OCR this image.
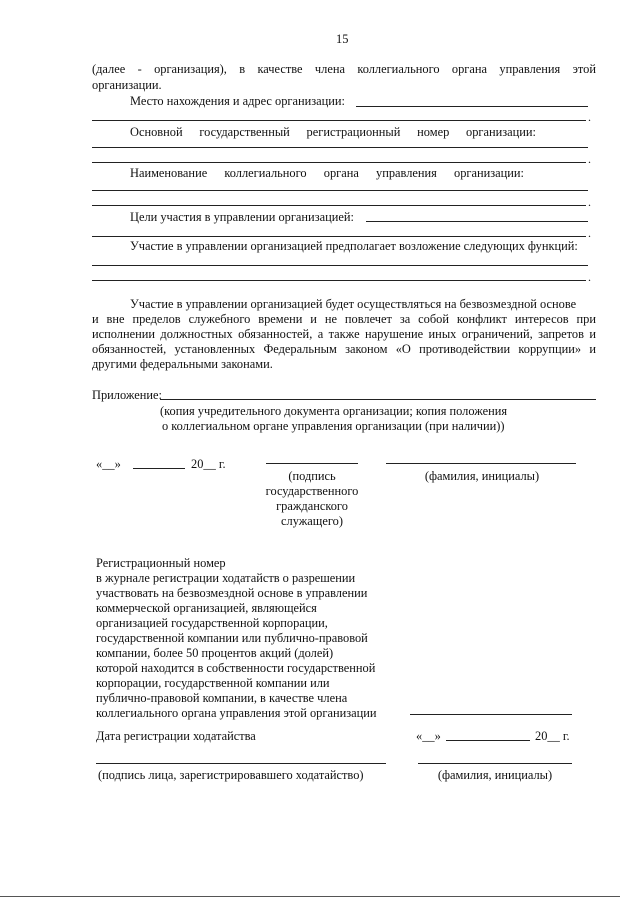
15
(далее - организация), в качестве члена коллегиального органа управления этой
организации.
Место нахождения и адрес организации:
.
Основной государственный регистрационный номер организации:
.
Наименование коллегиального органа управления организации:
.
Цели участия в управлении организацией:
.
Участие в управлении организацией предполагает возложение следующих функций:
.
Участие в управлении организацией будет осуществляться на безвозмездной основе
и вне пределов служебного времени и не повлечет за собой конфликт интересов при
исполнении должностных обязанностей, а также нарушение иных ограничений, запретов и
обязанностей, установленных Федеральным законом «О противодействии коррупции» и
другими федеральными законами.
Приложение:
(копия учредительного документа организации; копия положения
о коллегиальном органе управления организации (при наличии))
«__»	20__ г.
(подпись
государственного
гражданского
служащего)
(фамилия, инициалы)
Регистрационный номер
в журнале регистрации ходатайств о разрешении
участвовать на безвозмездной основе в управлении
коммерческой организацией, являющейся
организацией государственной корпорации,
государственной компании или публично-правовой
компании, более 50 процентов акций (долей)
которой находится в собственности государственной
корпорации, государственной компании или
публично-правовой компании, в качестве члена
коллегиального органа управления этой организации
Дата регистрации ходатайства	«__»	20__ г.
(подпись лица, зарегистрировавшего ходатайство)	(фамилия, инициалы)
